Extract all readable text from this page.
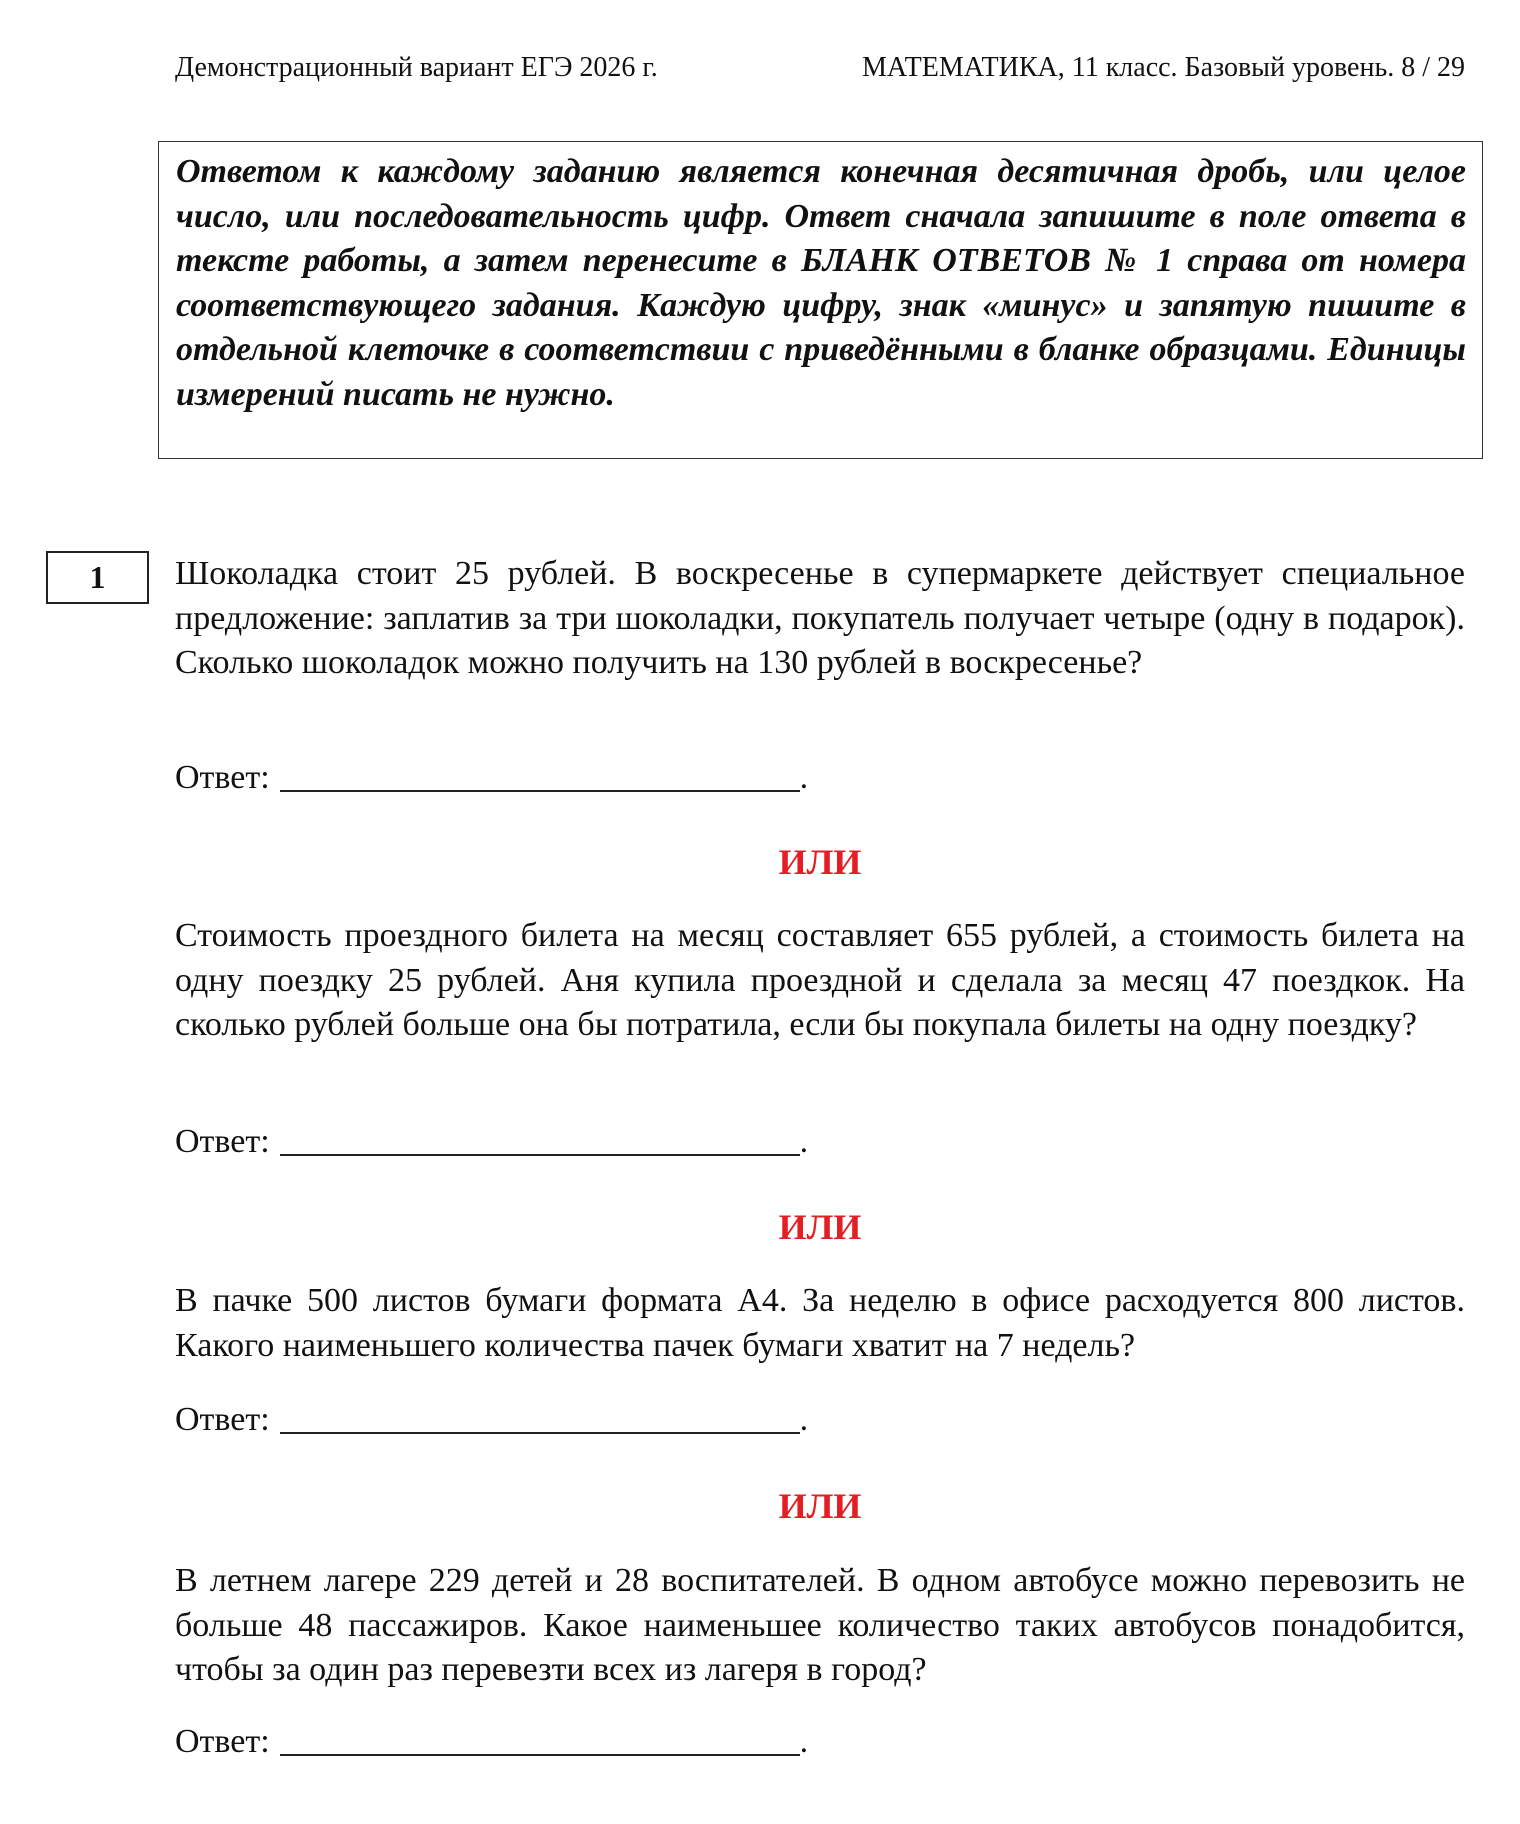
Демонстрационный вариант ЕГЭ 2026 г.	МАТЕМАТИКА, 11 класс. Базовый уровень. 8 / 29
Ответом к каждому заданию является конечная десятичная дробь, или целое число, или последовательность цифр. Ответ сначала запишите в поле ответа в тексте работы, а затем перенесите в БЛАНК ОТВЕТОВ № 1 справа от номера соответствующего задания. Каждую цифру, знак «минус» и запятую пишите в отдельной клеточке в соответствии с приведёнными в бланке образцами. Единицы измерений писать не нужно.
1 Шоколадка стоит 25 рублей. В воскресенье в супермаркете действует специальное предложение: заплатив за три шоколадки, покупатель получает четыре (одну в подарок). Сколько шоколадок можно получить на 130 рублей в воскресенье?

Ответ:	.
ИЛИ

Стоимость проездного билета на месяц составляет 655 рублей, а стоимость билета на одну поездку 25 рублей. Аня купила проездной и сделала за месяц 47 поездкок. На сколько рублей больше она бы потратила, если бы покупала билеты на одну поездку?

Ответ:	.
ИЛИ

В пачке 500 листов бумаги формата А4. За неделю в офисе расходуется 800 листов. Какого наименьшего количества пачек бумаги хватит на 7 недель?

Ответ:	.
ИЛИ

В летнем лагере 229 детей и 28 воспитателей. В одном автобусе можно перевозить не больше 48 пассажиров. Какое наименьшее количество таких автобусов понадобится, чтобы за один раз перевезти всех из лагеря в город?

Ответ:	.
